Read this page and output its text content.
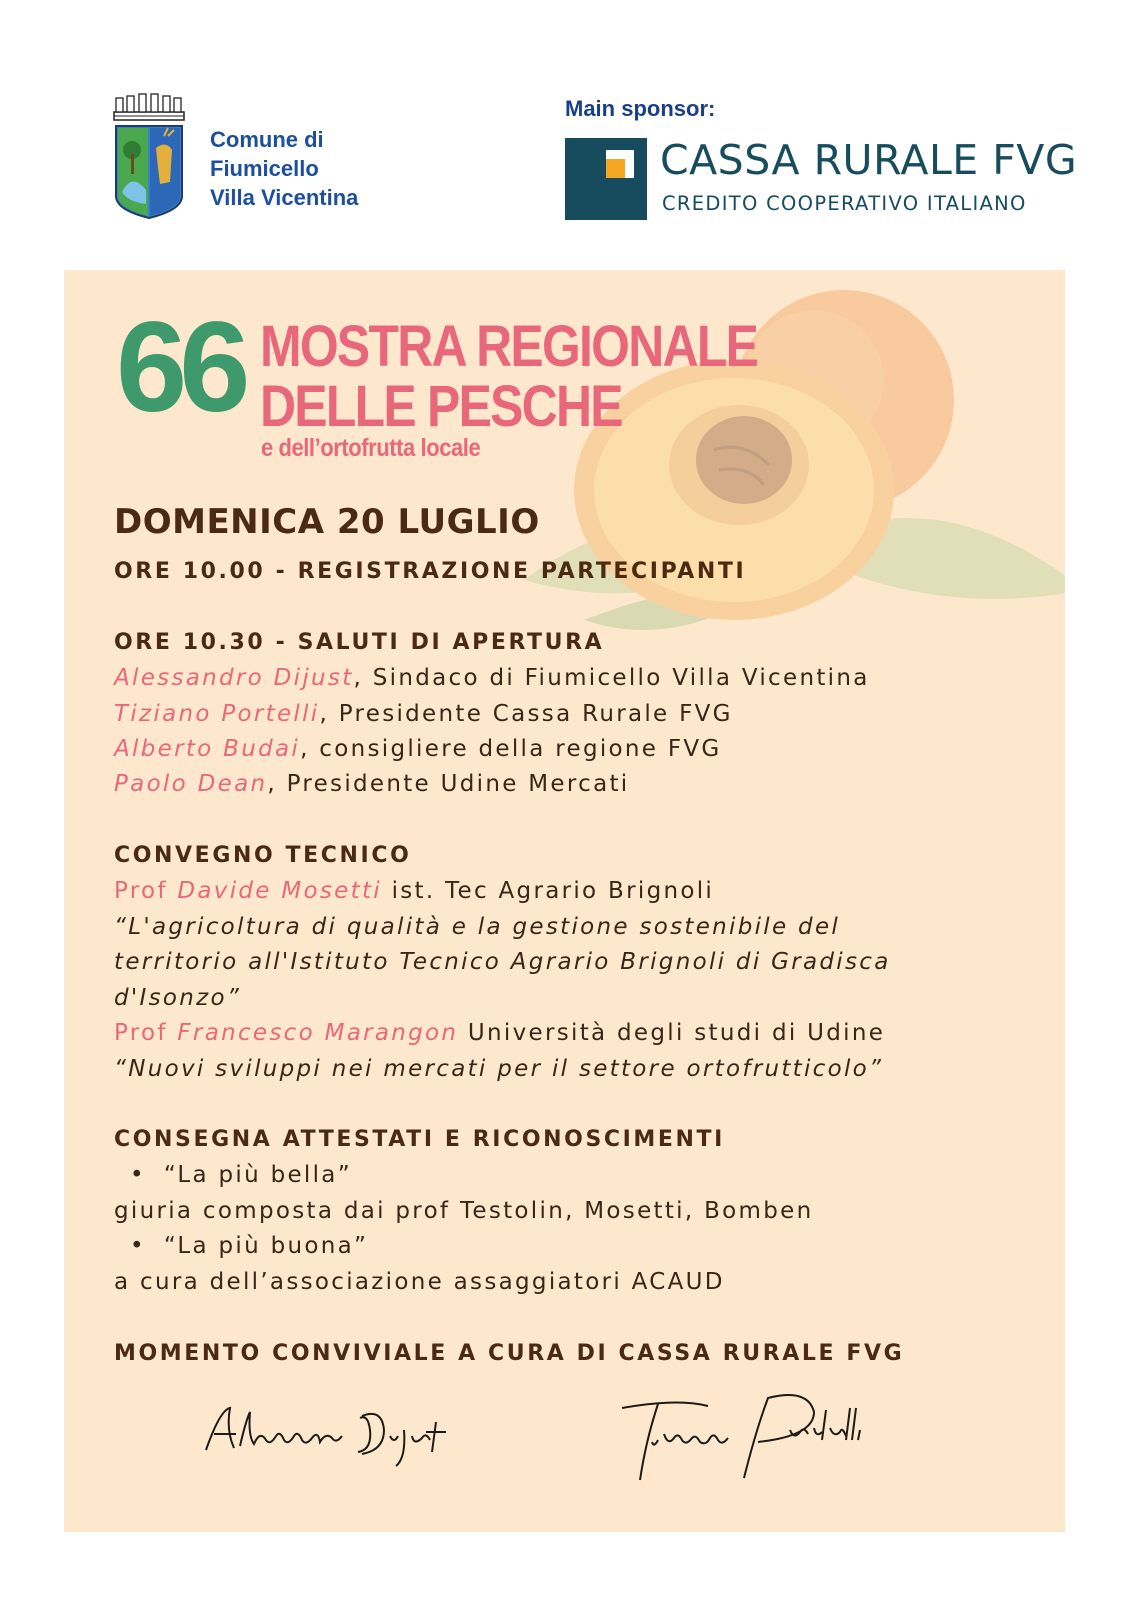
Comune di
Fiumicello
Villa Vicentina
Main sponsor:
CASSA RURALE FVG
CREDITO COOPERATIVO ITALIANO
66 MOSTRA REGIONALE
DELLE PESCHE
e dell’ortofrutta locale
DOMENICA 20 LUGLIO
ORE 10.00 - REGISTRAZIONE PARTECIPANTI
ORE 10.30 - SALUTI DI APERTURA
Alessandro Dijust, Sindaco di Fiumicello Villa Vicentina
Tiziano Portelli, Presidente Cassa Rurale FVG
Alberto Budai, consigliere della regione FVG
Paolo Dean, Presidente Udine Mercati
CONVEGNO TECNICO
Prof Davide Mosetti ist. Tec Agrario Brignoli
“L'agricoltura di qualità e la gestione sostenibile del
territorio all'Istituto Tecnico Agrario Brignoli di Gradisca
d'Isonzo”
Prof Francesco Marangon Università degli studi di Udine
“Nuovi sviluppi nei mercati per il settore ortofrutticolo”
CONSEGNA ATTESTATI E RICONOSCIMENTI
• “La più bella”
giuria composta dai prof Testolin, Mosetti, Bomben
• “La più buona”
a cura dell’associazione assaggiatori ACAUD
MOMENTO CONVIVIALE A CURA DI CASSA RURALE FVG
